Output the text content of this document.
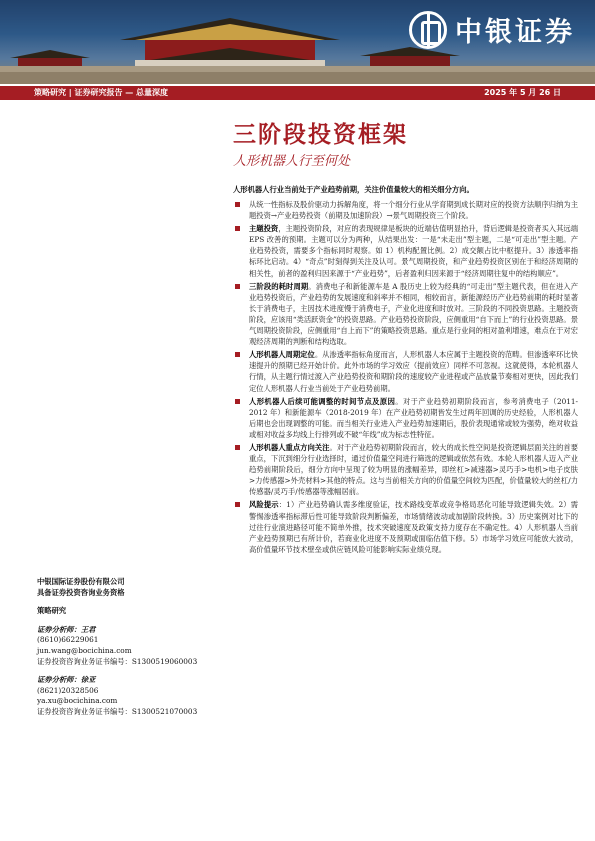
中银证券
策略研究 | 证券研究报告 — 总量深度	2025 年 5 月 26 日
三阶段投资框架
人形机器人行至何处
人形机器人行业当前处于产业趋势前期，关注价值量较大的相关细分方向。
从统一性指标及股价驱动力拆解角度，将一个细分行业从学育期到成长期对应的投资方法顺序归纳为主题投资→产业趋势投资（前期及加速阶段）→景气周期投资三个阶段。
主题投资，主题投资阶段，对应的表现规律是板块的近端估值明显抬升，背后逻辑是投资者买入其远端 EPS 改善的预期。主题可以分为两种，从结果出发：一是“未走出”型主题，二是“可走出”型主题。产业趋势投资，需要多个指标同时观察。如 1）机构配置比例。2）成交额占比中枢提升。3）渗透率指标环比启动。4）“奇点”时刻得到关注及认可。景气周期投资，和产业趋势投资区别在于和经济周期的相关性，前者的盈利归因来源于“产业趋势”，后者盈利归因来源于“经济周期往复中的结构顺应”。
三阶段的耗时周期。消费电子和新能源车是 A 股历史上较为经典的“可走出”型主题代表，但在进入产业趋势投资后，产业趋势的发展速度和斜率并不相同，相较而言，新能源经历产业趋势前期的耗时显著长于消费电子，主因技术进度慢于消费电子，产业化进度和时放对。三阶段的不同投资思路。主题投资阶段，应该用“类活跃资金”的投资思路。产业趋势投资阶段，应侧重用“自下而上”的行业投资思路。景气周期投资阶段，应侧重用“自上而下”的策略投资思路。重点是行业间的相对盈利增速，难点在于对宏观经济周期的判断和结构选取。
人形机器人周期定位。从渗透率指标角度而言，人形机器人本应属于主题投资的范畴。但渗透率环比快速提升的预期已经开始计价。此外市场的学习效应（提前效应）同样不可忽视。这就使得，本轮机器人行情，从主题行情过渡入产业趋势投资和期阶段的速度较产业进程或产品放量节奏相对更快，因此我们定位人形机器人行业当前处于产业趋势前期。
人形机器人后续可能调整的时间节点及原因。对于产业趋势初期阶段而言，参考消费电子（2011-2012 年）和新能源车（2018-2019 年）在产业趋势初期皆发生过两年回调的历史经验，人形机器人后期也会出现调整的可能。而当相关行业进入产业趋势加速期后，股价表现通常或较为强势，绝对收益或相对收益多均线上行排列或不破“年线”成为标志性特征。
人形机器人重点方向关注。对于产业趋势初期阶段而言，较大的成长性空间是投资逻辑层面关注的首要重点，下沉到细分行业选择时，通过价值量空间进行筛选的逻辑或依然有效。本轮人形机器人迈入产业趋势前期阶段后，细分方向中呈现了较为明显的涨幅差异，即丝杠>减速器>灵巧手>电机>电子皮肤>力传感器>外壳材料>其他的特点。这与当前相关方向的价值量空间较为匹配，价值量较大的丝杠/力传感器/灵巧手/传感器等涨幅居前。
风险提示：1）产业趋势确认需多维度验证，技术路线变革或竞争格局恶化可能导致逻辑失效。2）需警惕渗透率指标滞后性可能导致阶段判断偏差，市场情绪波动或加剧阶段转换。3）历史案例对比下的过往行业演进路径可能不简单外推，技术突破速度及政策支持力度存在不确定性。4）人形机器人当前产业趋势预期已有所计价，若商业化进度不及预期或面临估值下修。5）市场学习效应可能放大波动，高价值量环节技术壁垒或供应链风险可能影响实际业绩兑现。
中银国际证券股份有限公司
具备证券投资咨询业务资格
策略研究
证券分析师：王君
(8610)66229061
jun.wang@bocichina.com
证券投资咨询业务证书编号：S1300519060003
证券分析师：徐亚
(8621)20328506
ya.xu@bocichina.com
证券投资咨询业务证书编号：S1300521070003
